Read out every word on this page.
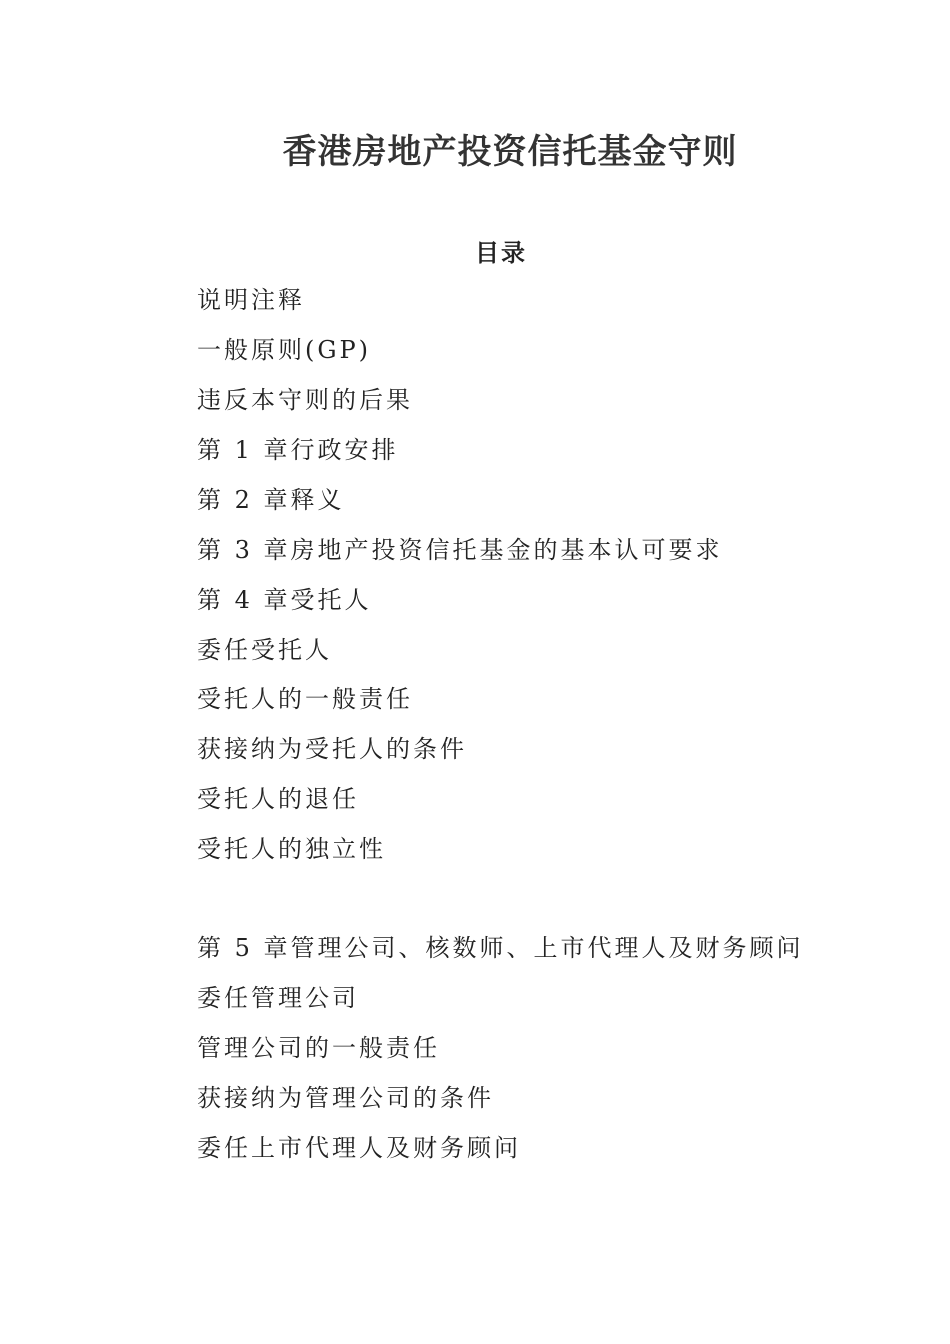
香港房地产投资信托基金守则
目录
说明注释
一般原则(GP)
违反本守则的后果
第 1 章行政安排
第 2 章释义
第 3 章房地产投资信托基金的基本认可要求
第 4 章受托人
委任受托人
受托人的一般责任
获接纳为受托人的条件
受托人的退任
受托人的独立性
第 5 章管理公司、核数师、上市代理人及财务顾问
委任管理公司
管理公司的一般责任
获接纳为管理公司的条件
委任上市代理人及财务顾问
